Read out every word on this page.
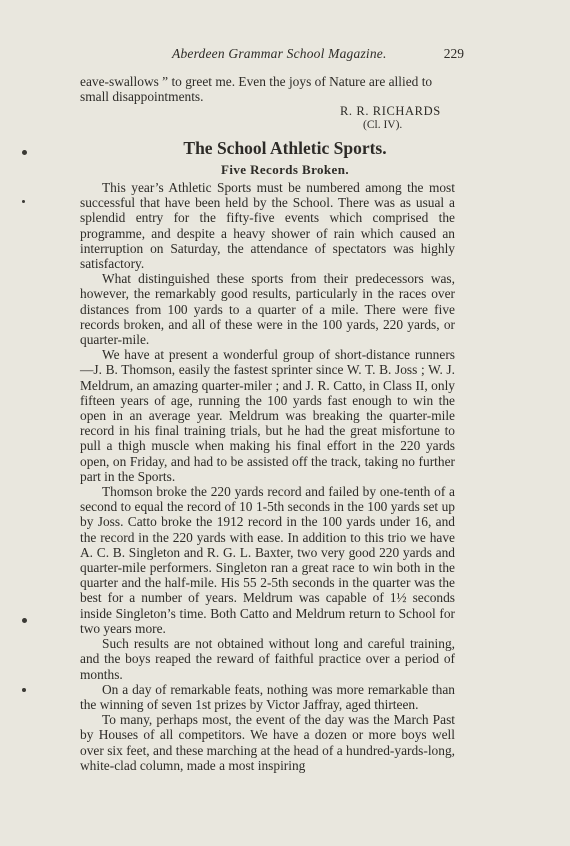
Aberdeen Grammar School Magazine.	229
eave-swallows ” to greet me. Even the joys of Nature are allied to small disappointments.
R. R. RICHARDS
(Cl. IV).
The School Athletic Sports.
Five Records Broken.

This year’s Athletic Sports must be numbered among the most successful that have been held by the School. There was as usual a splendid entry for the fifty-five events which comprised the programme, and despite a heavy shower of rain which caused an interruption on Saturday, the attendance of spectators was highly satisfactory.

What distinguished these sports from their predecessors was, however, the remarkably good results, particularly in the races over distances from 100 yards to a quarter of a mile. There were five records broken, and all of these were in the 100 yards, 220 yards, or quarter-mile.

We have at present a wonderful group of short-distance runners—J. B. Thomson, easily the fastest sprinter since W. T. B. Joss ; W. J. Meldrum, an amazing quarter-miler ; and J. R. Catto, in Class II, only fifteen years of age, running the 100 yards fast enough to win the open in an average year. Meldrum was breaking the quarter-mile record in his final training trials, but he had the great misfortune to pull a thigh muscle when making his final effort in the 220 yards open, on Friday, and had to be assisted off the track, taking no further part in the Sports.

Thomson broke the 220 yards record and failed by one-tenth of a second to equal the record of 10 1-5th seconds in the 100 yards set up by Joss. Catto broke the 1912 record in the 100 yards under 16, and the record in the 220 yards with ease. In addition to this trio we have A. C. B. Singleton and R. G. L. Baxter, two very good 220 yards and quarter-mile performers. Singleton ran a great race to win both in the quarter and the half-mile. His 55 2-5th seconds in the quarter was the best for a number of years. Meldrum was capable of 1½ seconds inside Singleton’s time. Both Catto and Meldrum return to School for two years more.

Such results are not obtained without long and careful training, and the boys reaped the reward of faithful practice over a period of months.

On a day of remarkable feats, nothing was more remarkable than the winning of seven 1st prizes by Victor Jaffray, aged thirteen.

To many, perhaps most, the event of the day was the March Past by Houses of all competitors. We have a dozen or more boys well over six feet, and these marching at the head of a hundred-yards-long, white-clad column, made a most inspiring
